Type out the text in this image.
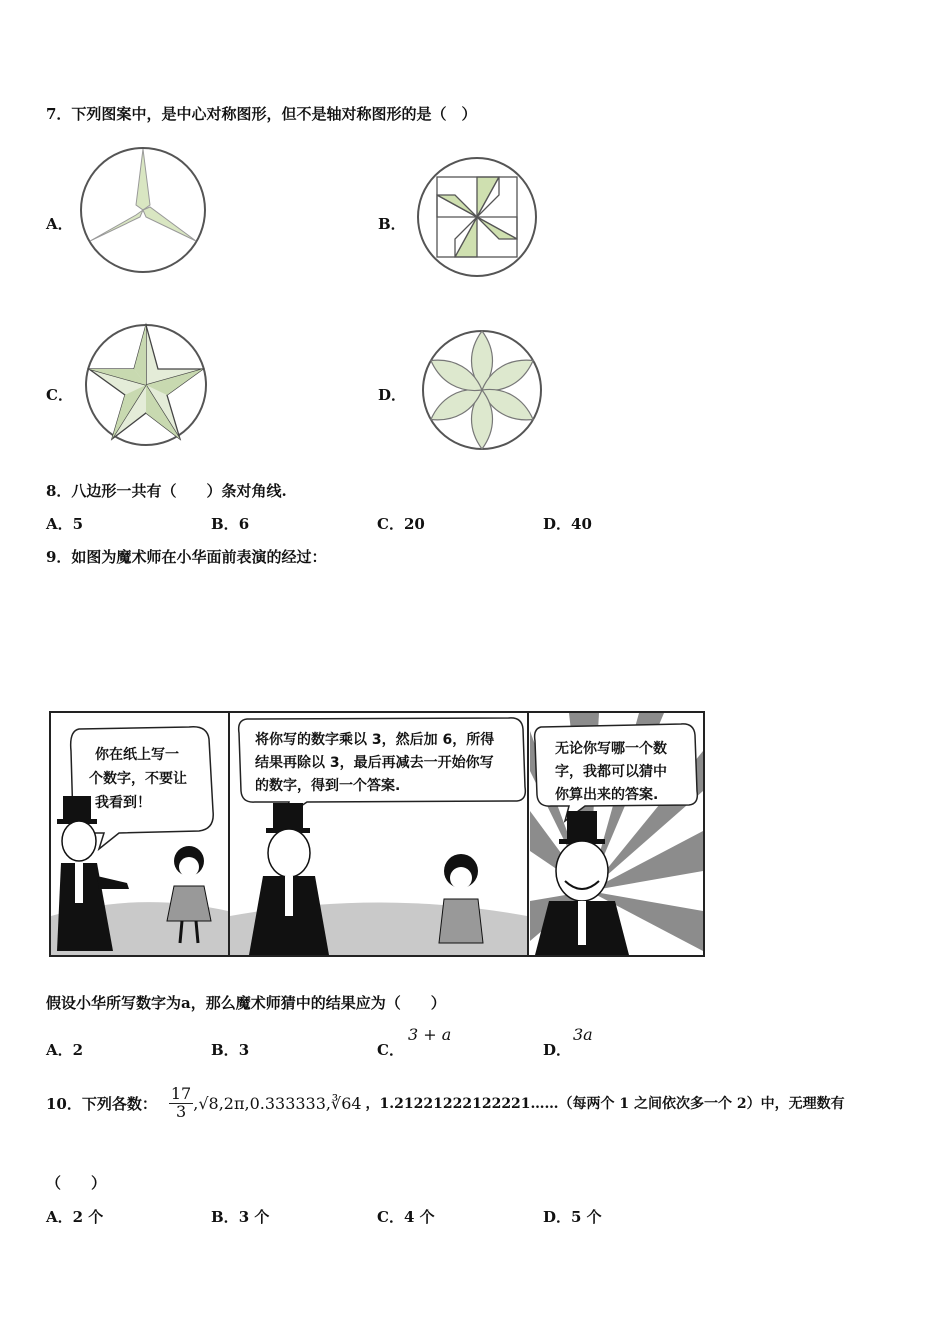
7．下列图案中，是中心对称图形，但不是轴对称图形的是（　）
A．	B．
C．	D．
8．八边形一共有（　　）条对角线.
A．5	B．6	C．20	D．40
9．如图为魔术师在小华面前表演的经过：
你在纸上写一
个数字，不要让
我看到！
将你写的数字乘以 3，然后加 6，所得
结果再除以 3，最后再减去一开始你写
的数字，得到一个答案.
无论你写哪一个数
字，我都可以猜中
你算出来的答案.
假设小华所写数字为a，那么魔术师猜中的结果应为（　　）
A．2	B．3	C．
3 + a
D．
3a
10．下列各数： $\frac{17}{3}$ ,√8,2π,0.333333,∛64 ，1.21221222122221……（每两个 1 之间依次多一个 2）中，无理数有
（　　）
A．2 个	B．3 个	C．4 个	D．5 个
